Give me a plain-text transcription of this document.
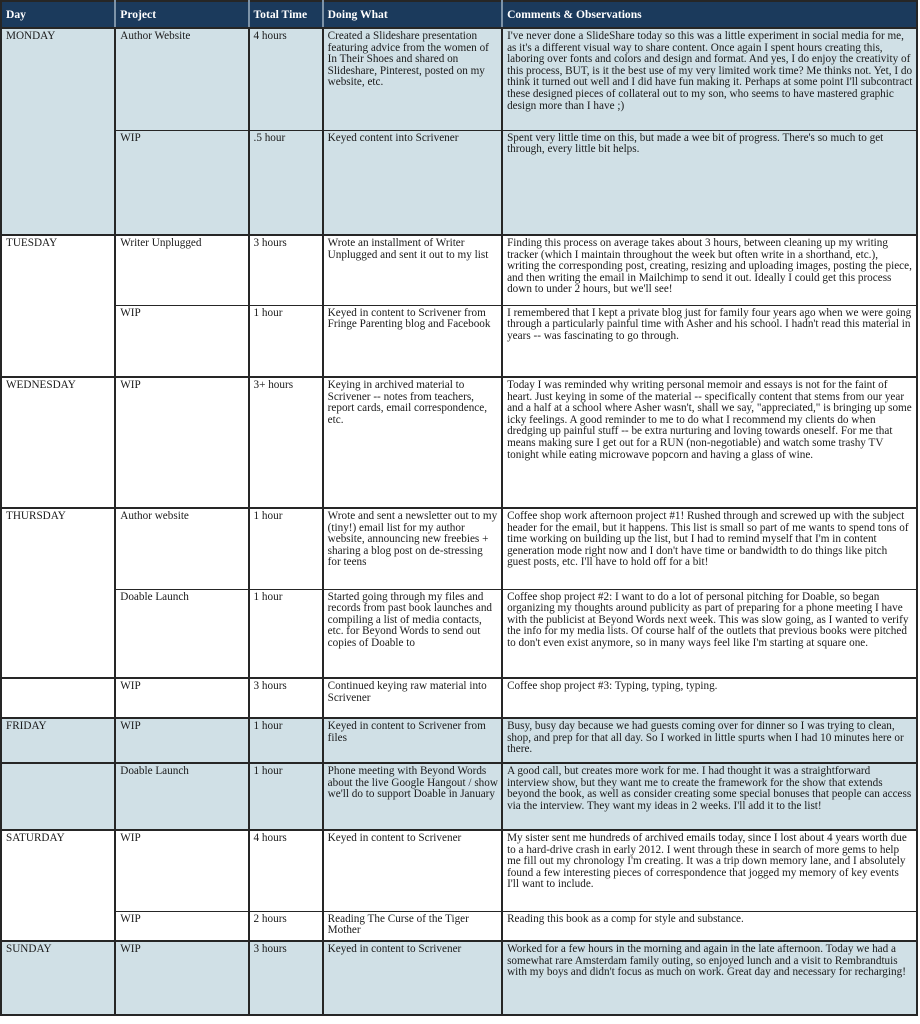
Day	Project	Total Time	Doing What	Comments & Observations
MONDAY	Author Website	4 hours	Created a Slideshare presentation featuring advice from the women of In Their Shoes and shared on Slideshare, Pinterest, posted on my website, etc.	I've never done a SlideShare today so this was a little experiment in social media for me, as it's a different visual way to share content. Once again I spent hours creating this, laboring over fonts and colors and design and format. And yes, I do enjoy the creativity of this process, BUT, is it the best use of my very limited work time? Me thinks not. Yet, I do think it turned out well and I did have fun making it. Perhaps at some point I'll subcontract these designed pieces of collateral out to my son, who seems to have mastered graphic design more than I have ;)
	WIP	.5 hour	Keyed content into Scrivener	Spent very little time on this, but made a wee bit of progress. There's so much to get through, every little bit helps.
TUESDAY	Writer Unplugged	3 hours	Wrote an installment of Writer Unplugged and sent it out to my list	Finding this process on average takes about 3 hours, between cleaning up my writing tracker (which I maintain throughout the week but often write in a shorthand, etc.), writing the corresponding post, creating, resizing and uploading images, posting the piece, and then writing the email in Mailchimp to send it out. Ideally I could get this process down to under 2 hours, but we'll see!
	WIP	1 hour	Keyed in content to Scrivener from Fringe Parenting blog and Facebook	I remembered that I kept a private blog just for family four years ago when we were going through a particularly painful time with Asher and his school. I hadn't read this material in years -- was fascinating to go through.
WEDNESDAY	WIP	3+ hours	Keying in archived material to Scrivener -- notes from teachers, report cards, email correspondence, etc.	Today I was reminded why writing personal memoir and essays is not for the faint of heart. Just keying in some of the material -- specifically content that stems from our year and a half at a school where Asher wasn't, shall we say, "appreciated," is bringing up some icky feelings. A good reminder to me to do what I recommend my clients do when dredging up painful stuff -- be extra nurturing and loving towards oneself. For me that means making sure I get out for a RUN (non-negotiable) and watch some trashy TV tonight while eating microwave popcorn and having a glass of wine.
THURSDAY	Author website	1 hour	Wrote and sent a newsletter out to my (tiny!) email list for my author website, announcing new freebies + sharing a blog post on de-stressing for teens	Coffee shop work afternoon project #1! Rushed through and screwed up with the subject header for the email, but it happens. This list is small so part of me wants to spend tons of time working on building up the list, but I had to remind myself that I'm in content generation mode right now and I don't have time or bandwidth to do things like pitch guest posts, etc. I'll have to hold off for a bit!
	Doable Launch	1 hour	Started going through my files and records from past book launches and compiling a list of media contacts, etc. for Beyond Words to send out copies of Doable to	Coffee shop project #2: I want to do a lot of personal pitching for Doable, so began organizing my thoughts around publicity as part of preparing for a phone meeting I have with the publicist at Beyond Words next week. This was slow going, as I wanted to verify the info for my media lists. Of course half of the outlets that previous books were pitched to don't even exist anymore, so in many ways feel like I'm starting at square one.
	WIP	3 hours	Continued keying raw material into Scrivener	Coffee shop project #3: Typing, typing, typing.
FRIDAY	WIP	1 hour	Keyed in content to Scrivener from files	Busy, busy day because we had guests coming over for dinner so I was trying to clean, shop, and prep for that all day. So I worked in little spurts when I had 10 minutes here or there.
	Doable Launch	1 hour	Phone meeting with Beyond Words about the live Google Hangout / show we'll do to support Doable in January	A good call, but creates more work for me. I had thought it was a straightforward interview show, but they want me to create the framework for the show that extends beyond the book, as well as consider creating some special bonuses that people can access via the interview. They want my ideas in 2 weeks. I'll add it to the list!
SATURDAY	WIP	4 hours	Keyed in content to Scrivener	My sister sent me hundreds of archived emails today, since I lost about 4 years worth due to a hard-drive crash in early 2012. I went through these in search of more gems to help me fill out my chronology I'm creating. It was a trip down memory lane, and I absolutely found a few interesting pieces of correspondence that jogged my memory of key events I'll want to include.
	WIP	2 hours	Reading The Curse of the Tiger Mother	Reading this book as a comp for style and substance.
SUNDAY	WIP	3 hours	Keyed in content to Scrivener	Worked for a few hours in the morning and again in the late afternoon. Today we had a somewhat rare Amsterdam family outing, so enjoyed lunch and a visit to Rembrandtuis with my boys and didn't focus as much on work. Great day and necessary for recharging!
